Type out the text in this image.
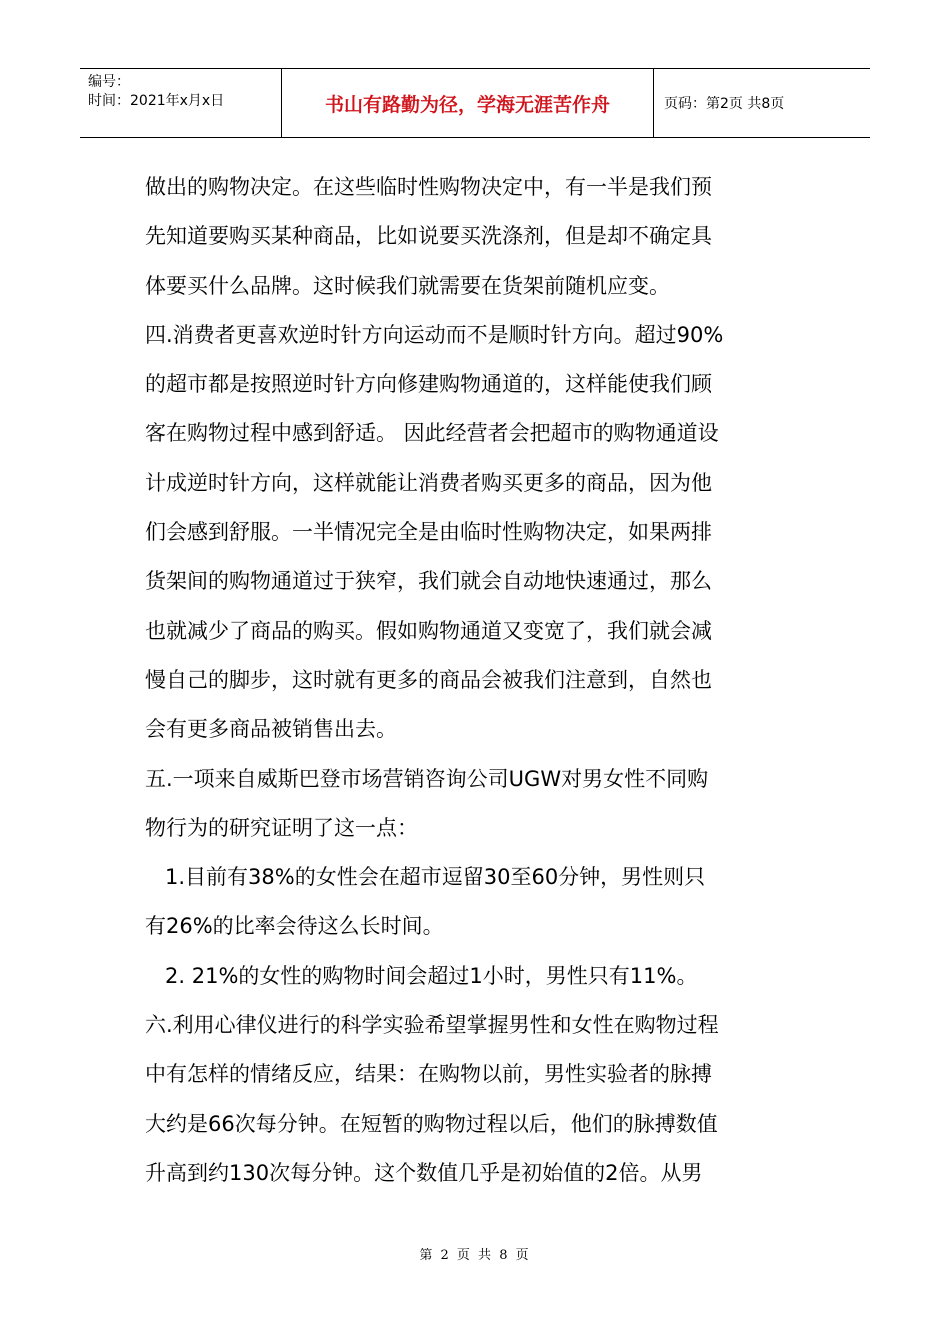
编号：
时间：2021年x月x日	书山有路勤为径，学海无涯苦作舟	页码：第2页 共8页

做出的购物决定。在这些临时性购物决定中，有一半是我们预

先知道要购买某种商品，比如说要买洗涤剂，但是却不确定具

体要买什么品牌。这时候我们就需要在货架前随机应变。

四.消费者更喜欢逆时针方向运动而不是顺时针方向。超过90%

的超市都是按照逆时针方向修建购物通道的，这样能使我们顾

客在购物过程中感到舒适。 因此经营者会把超市的购物通道设

计成逆时针方向，这样就能让消费者购买更多的商品，因为他

们会感到舒服。一半情况完全是由临时性购物决定，如果两排

货架间的购物通道过于狭窄，我们就会自动地快速通过，那么

也就减少了商品的购买。假如购物通道又变宽了，我们就会减

慢自己的脚步，这时就有更多的商品会被我们注意到，自然也

会有更多商品被销售出去。

五.一项来自威斯巴登市场营销咨询公司UGW对男女性不同购

物行为的研究证明了这一点：

1.目前有38%的女性会在超市逗留30至60分钟，男性则只

有26%的比率会待这么长时间。

2. 21%的女性的购物时间会超过1小时，男性只有11%。

六.利用心律仪进行的科学实验希望掌握男性和女性在购物过程

中有怎样的情绪反应，结果：在购物以前，男性实验者的脉搏

大约是66次每分钟。在短暂的购物过程以后，他们的脉搏数值

升高到约130次每分钟。这个数值几乎是初始值的2倍。从男

第 2 页 共 8 页
